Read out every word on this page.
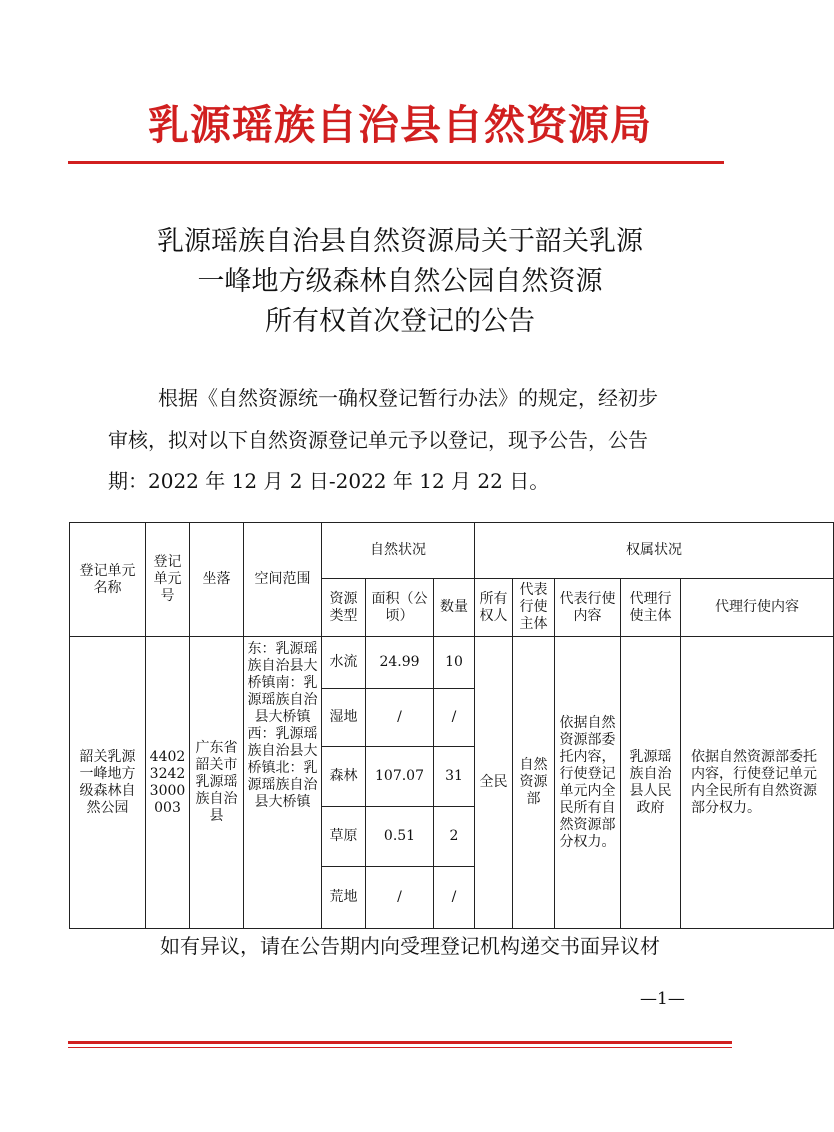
乳源瑶族自治县自然资源局
乳源瑶族自治县自然资源局关于韶关乳源
一峰地方级森林自然公园自然资源
所有权首次登记的公告

根据《自然资源统一确权登记暂行办法》的规定，经初步

审核，拟对以下自然资源登记单元予以登记，现予公告，公告

期：2022 年 12 月 2 日-2022 年 12 月 22 日。

登记单元名称	登记单元号	坐落	空间范围	自然状况			权属状况				
				资源类型	面积（公顷）	数量	所有权人	代表行使主体	代表行使内容	代理行使主体	代理行使内容
韶关乳源一峰地方级森林自然公园	440232423000003	广东省韶关市乳源瑶族自治县	东：乳源瑶族自治县大桥镇南：乳源瑶族自治县大桥镇西：乳源瑶族自治县大桥镇北：乳源瑶族自治县大桥镇	水流	24.99	10	全民	自然资源部	依据自然资源部委托内容，行使登记单元内全民所有自然资源部分权力。	乳源瑶族自治县人民政府	依据自然资源部委托内容，行使登记单元内全民所有自然资源部分权力。
				湿地	/	/					
				森林	107.07	31					
				草原	0.51	2					
				荒地	/	/					
如有异议，请在公告期内向受理登记机构递交书面异议材
—1—
